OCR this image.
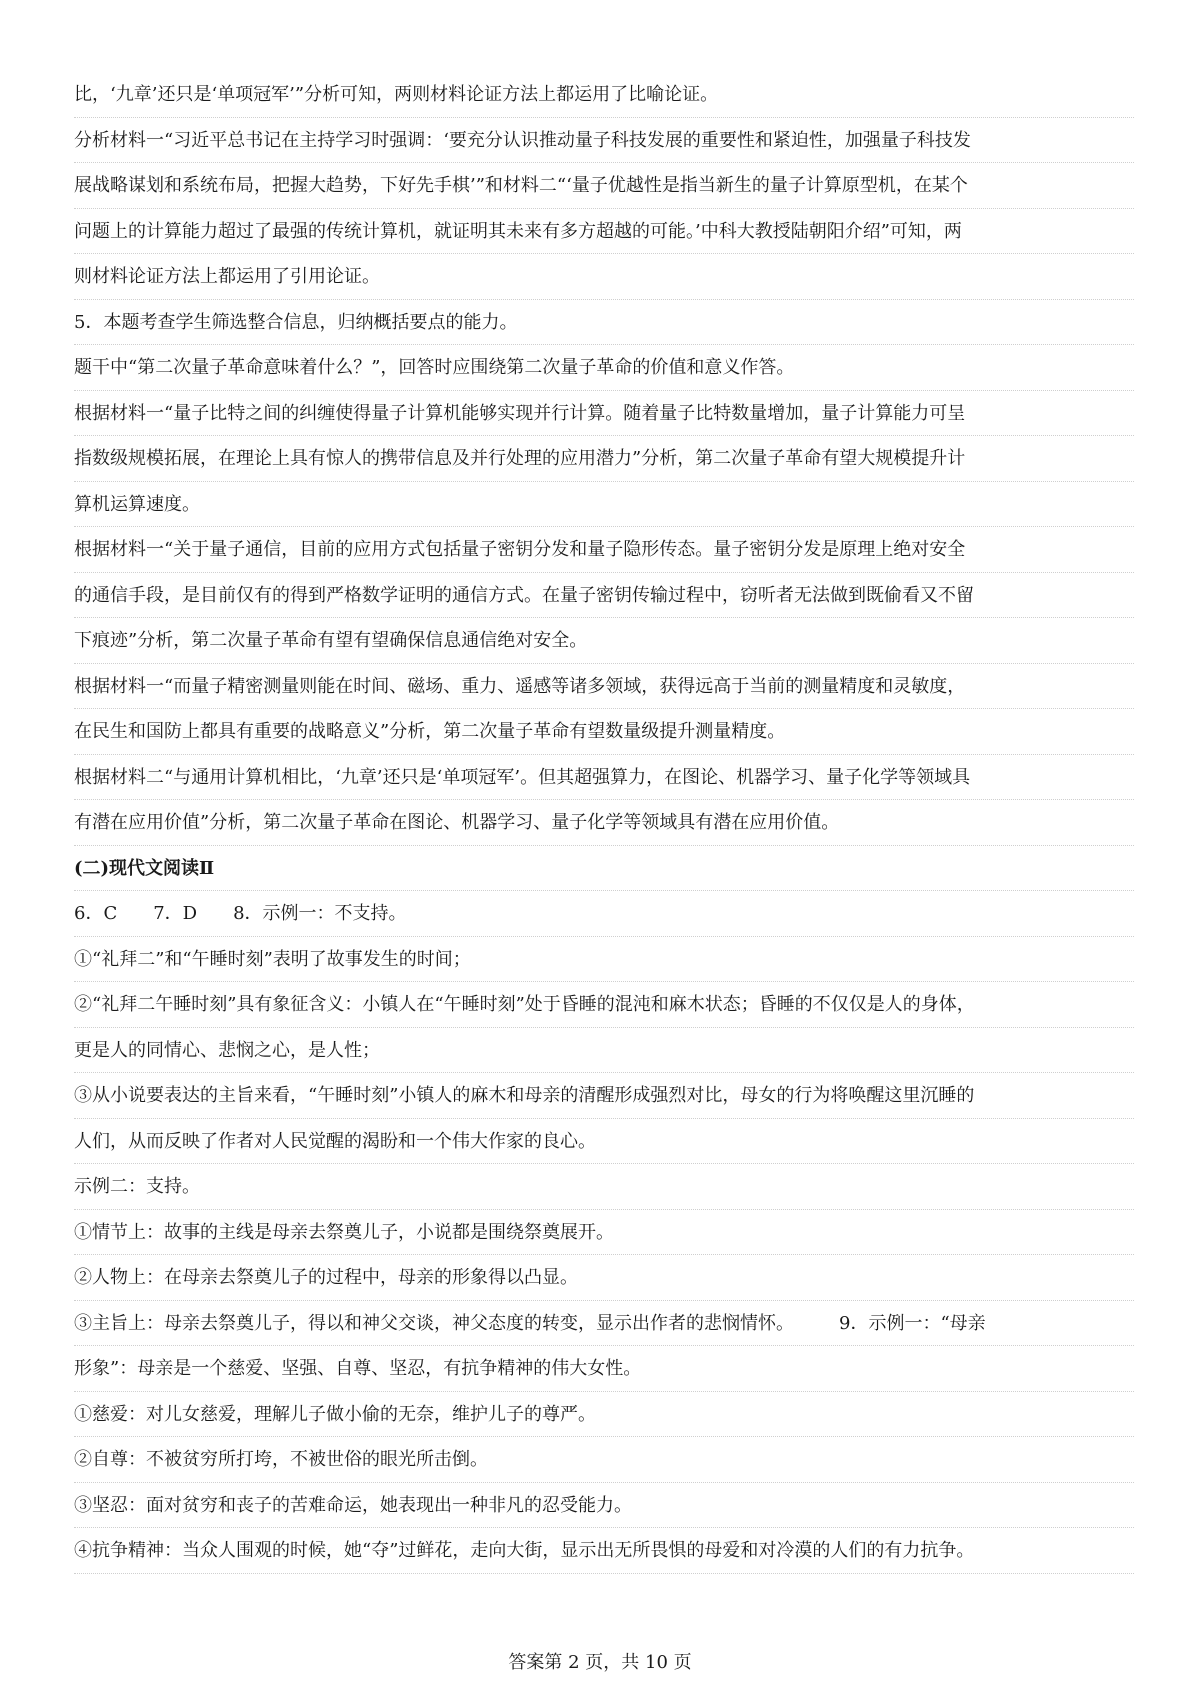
比，‘九章’还只是‘单项冠军’”分析可知，两则材料论证方法上都运用了比喻论证。
分析材料一“习近平总书记在主持学习时强调：‘要充分认识推动量子科技发展的重要性和紧迫性，加强量子科技发
展战略谋划和系统布局，把握大趋势，下好先手棋’”和材料二“‘量子优越性是指当新生的量子计算原型机，在某个
问题上的计算能力超过了最强的传统计算机，就证明其未来有多方超越的可能。’中科大教授陆朝阳介绍”可知，两
则材料论证方法上都运用了引用论证。
5．本题考查学生筛选整合信息，归纳概括要点的能力。
题干中“第二次量子革命意味着什么？”，回答时应围绕第二次量子革命的价值和意义作答。
根据材料一“量子比特之间的纠缠使得量子计算机能够实现并行计算。随着量子比特数量增加，量子计算能力可呈
指数级规模拓展，在理论上具有惊人的携带信息及并行处理的应用潜力”分析，第二次量子革命有望大规模提升计
算机运算速度。
根据材料一“关于量子通信，目前的应用方式包括量子密钥分发和量子隐形传态。量子密钥分发是原理上绝对安全
的通信手段，是目前仅有的得到严格数学证明的通信方式。在量子密钥传输过程中，窃听者无法做到既偷看又不留
下痕迹”分析，第二次量子革命有望有望确保信息通信绝对安全。
根据材料一“而量子精密测量则能在时间、磁场、重力、遥感等诸多领域，获得远高于当前的测量精度和灵敏度，
在民生和国防上都具有重要的战略意义”分析，第二次量子革命有望数量级提升测量精度。
根据材料二“与通用计算机相比，‘九章’还只是‘单项冠军’。但其超强算力，在图论、机器学习、量子化学等领域具
有潜在应用价值”分析，第二次量子革命在图论、机器学习、量子化学等领域具有潜在应用价值。
(二)现代文阅读Ⅱ
6．C　　7．D　　8．示例一：不支持。
①“礼拜二”和“午睡时刻”表明了故事发生的时间；
②“礼拜二午睡时刻”具有象征含义：小镇人在“午睡时刻”处于昏睡的混沌和麻木状态；昏睡的不仅仅是人的身体，
更是人的同情心、悲悯之心，是人性；
③从小说要表达的主旨来看，“午睡时刻”小镇人的麻木和母亲的清醒形成强烈对比，母女的行为将唤醒这里沉睡的
人们，从而反映了作者对人民觉醒的渴盼和一个伟大作家的良心。
示例二：支持。
①情节上：故事的主线是母亲去祭奠儿子，小说都是围绕祭奠展开。
②人物上：在母亲去祭奠儿子的过程中，母亲的形象得以凸显。
③主旨上：母亲去祭奠儿子，得以和神父交谈，神父态度的转变，显示出作者的悲悯情怀。　　　9．示例一：“母亲
形象”：母亲是一个慈爱、坚强、自尊、坚忍，有抗争精神的伟大女性。
①慈爱：对儿女慈爱，理解儿子做小偷的无奈，维护儿子的尊严。
②自尊：不被贫穷所打垮，不被世俗的眼光所击倒。
③坚忍：面对贫穷和丧子的苦难命运，她表现出一种非凡的忍受能力。
④抗争精神：当众人围观的时候，她“夺”过鲜花，走向大街，显示出无所畏惧的母爱和对冷漠的人们的有力抗争。
答案第 2 页，共 10 页
